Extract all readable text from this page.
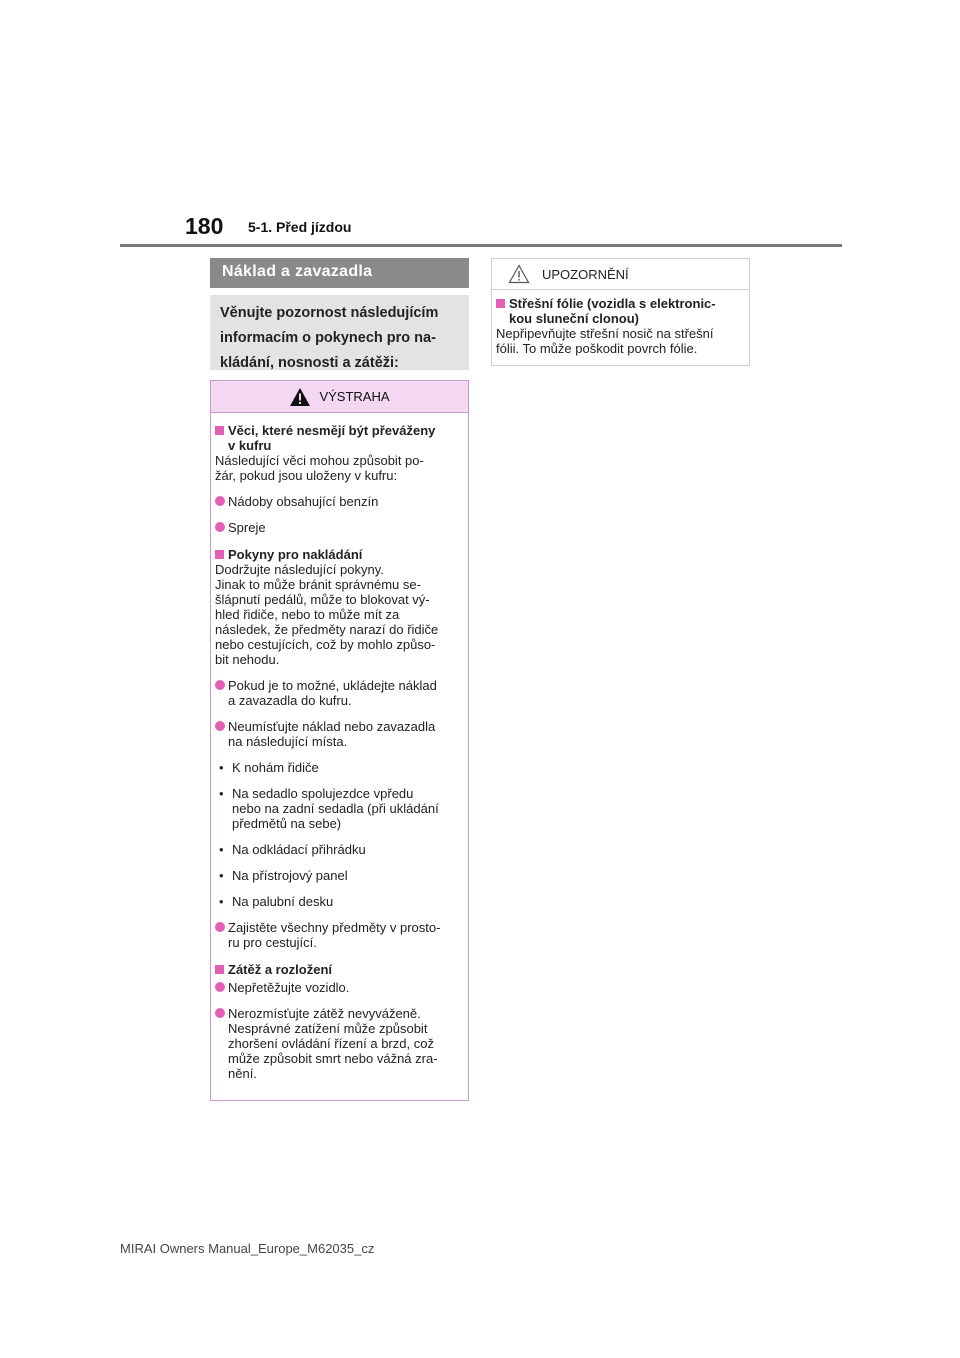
180 5-1. Před jízdou
Náklad a zavazadla
Věnujte pozornost následujícím
informacím o pokynech pro na-
kládání, nosnosti a zátěži:
VÝSTRAHA
Věci, které nesmějí být převáženy
v kufru
Následující věci mohou způsobit po-
žár, pokud jsou uloženy v kufru:
Nádoby obsahující benzín
Spreje
Pokyny pro nakládání
Dodržujte následující pokyny.
Jinak to může bránit správnému se-
šlápnutí pedálů, může to blokovat vý-
hled řidiče, nebo to může mít za
následek, že předměty narazí do řidiče
nebo cestujících, což by mohlo způso-
bit nehodu.
Pokud je to možné, ukládejte náklad
a zavazadla do kufru.
Neumísťujte náklad nebo zavazadla
na následující místa.
• K nohám řidiče
• Na sedadlo spolujezdce vpředu
nebo na zadní sedadla (při ukládání
předmětů na sebe)
• Na odkládací přihrádku
• Na přístrojový panel
• Na palubní desku
Zajistěte všechny předměty v prosto-
ru pro cestující.
Zátěž a rozložení
Nepřetěžujte vozidlo.
Nerozmísťujte zátěž nevyváženě.
Nesprávné zatížení může způsobit
zhoršení ovládání řízení a brzd, což
může způsobit smrt nebo vážná zra-
nění.
UPOZORNĚNÍ
Střešní fólie (vozidla s elektronic-
kou sluneční clonou)
Nepřipevňujte střešní nosič na střešní
fólii. To může poškodit povrch fólie.
MIRAI Owners Manual_Europe_M62035_cz
